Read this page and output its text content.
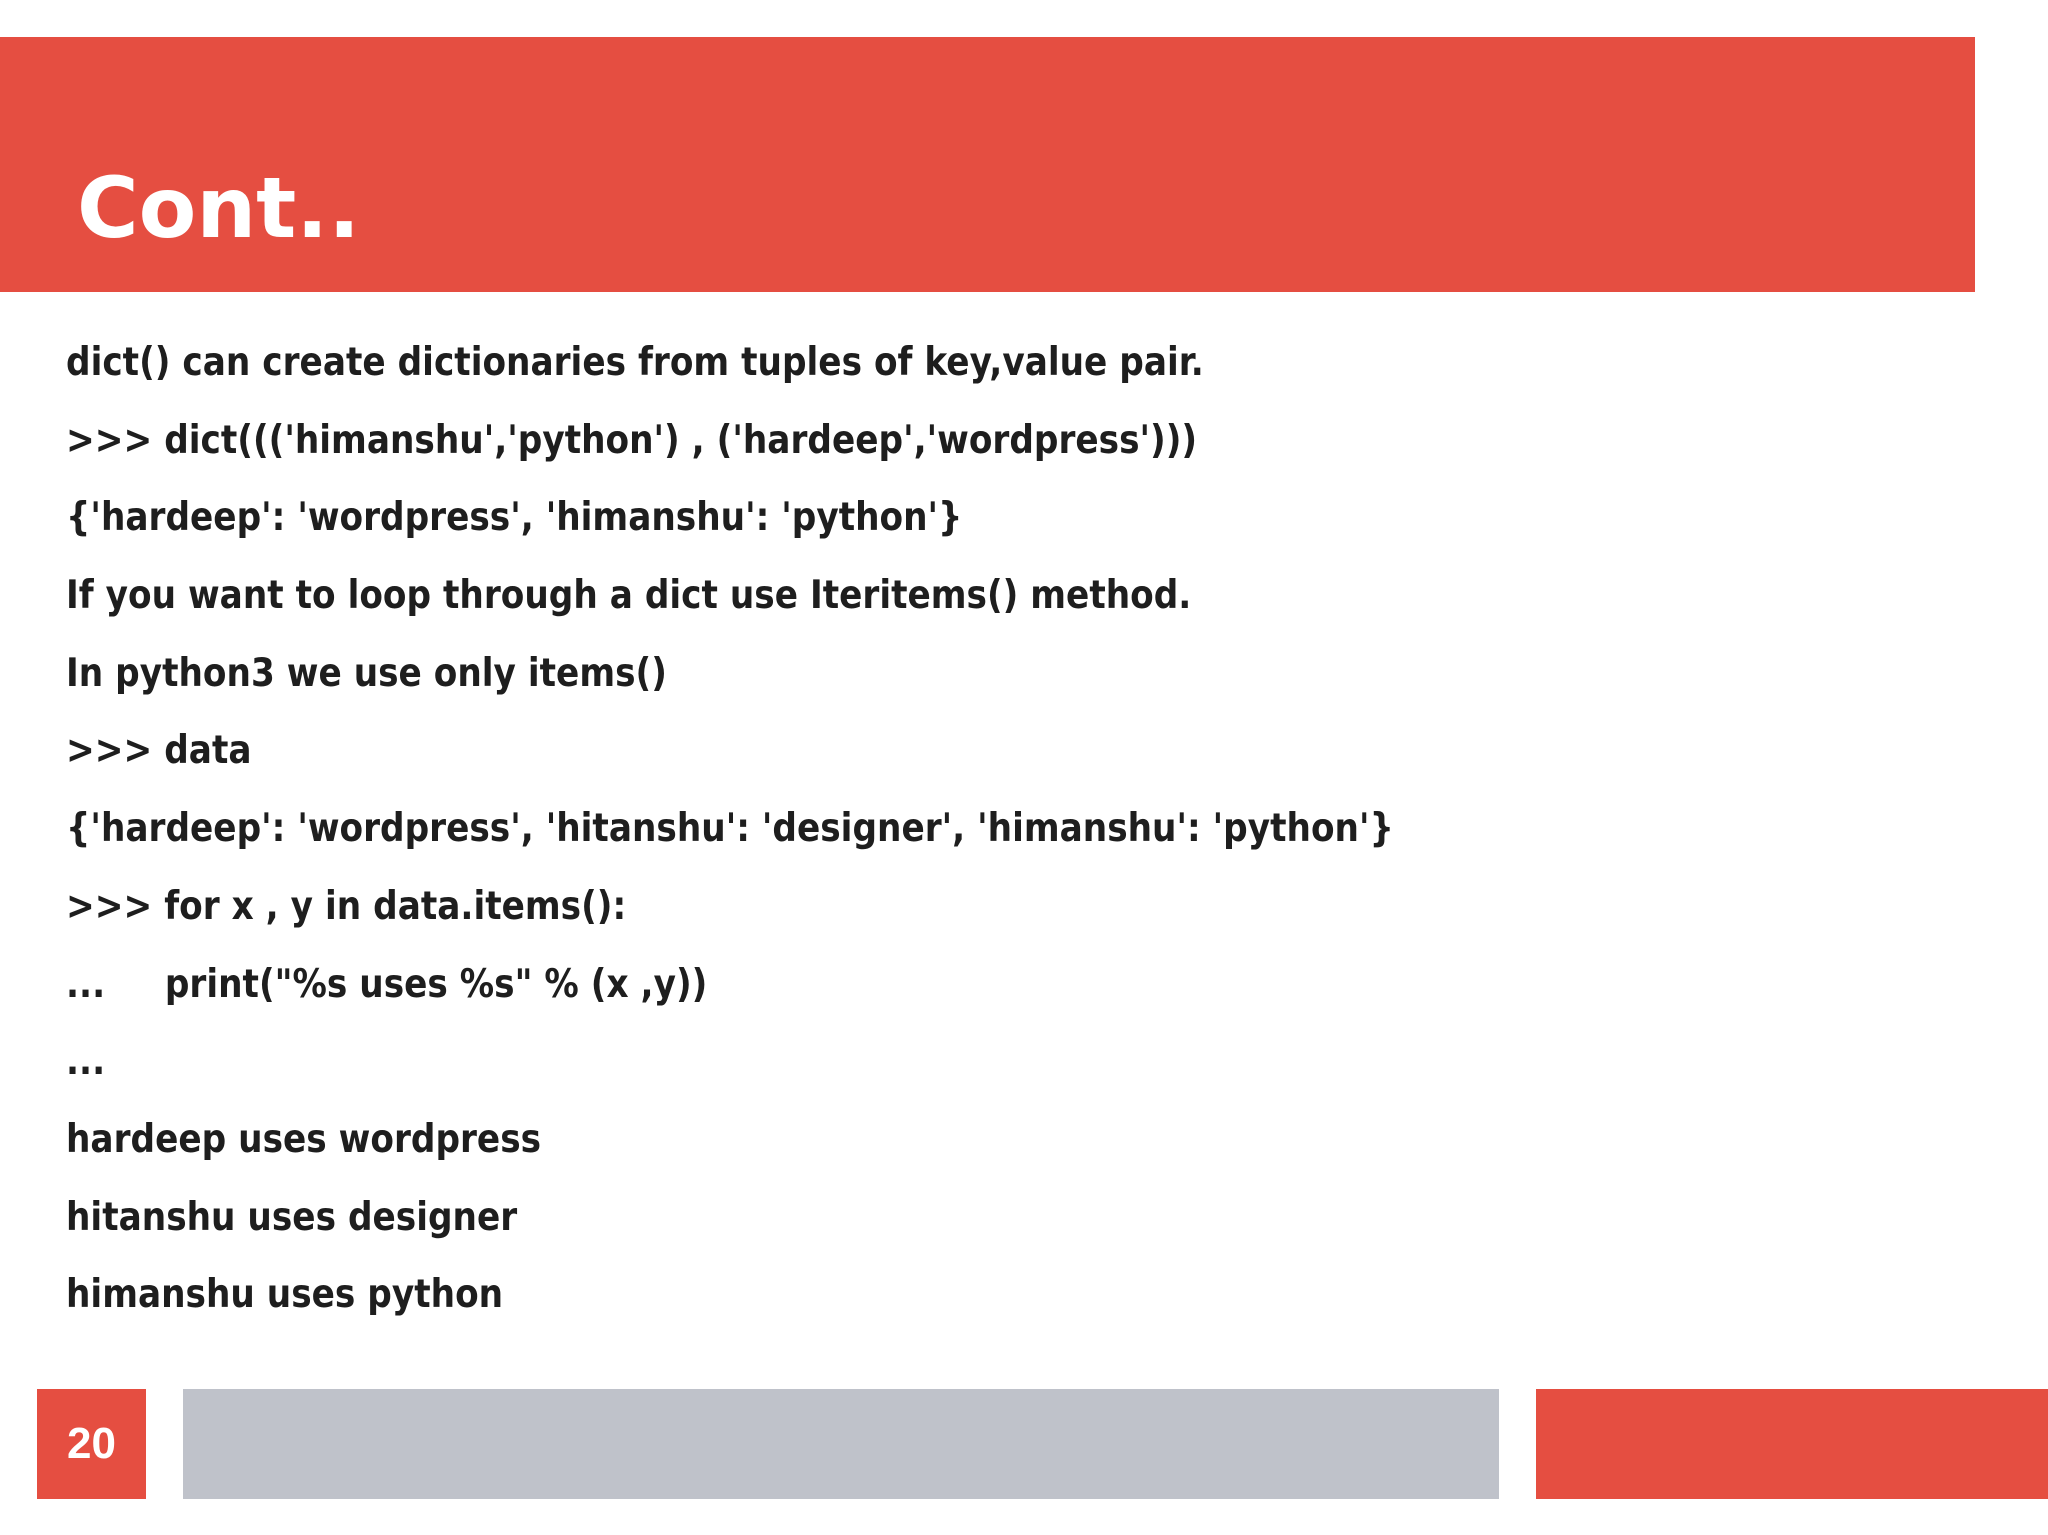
Cont..
dict() can create dictionaries from tuples of key,value pair.
>>> dict((('himanshu','python') , ('hardeep','wordpress')))
{'hardeep': 'wordpress', 'himanshu': 'python'}
If you want to loop through a dict use Iteritems() method.
In python3 we use only items()
>>> data
{'hardeep': 'wordpress', 'hitanshu': 'designer', 'himanshu': 'python'}
>>> for x , y in data.items():
...     print("%s uses %s" % (x ,y))
...
hardeep uses wordpress
hitanshu uses designer
himanshu uses python
20
